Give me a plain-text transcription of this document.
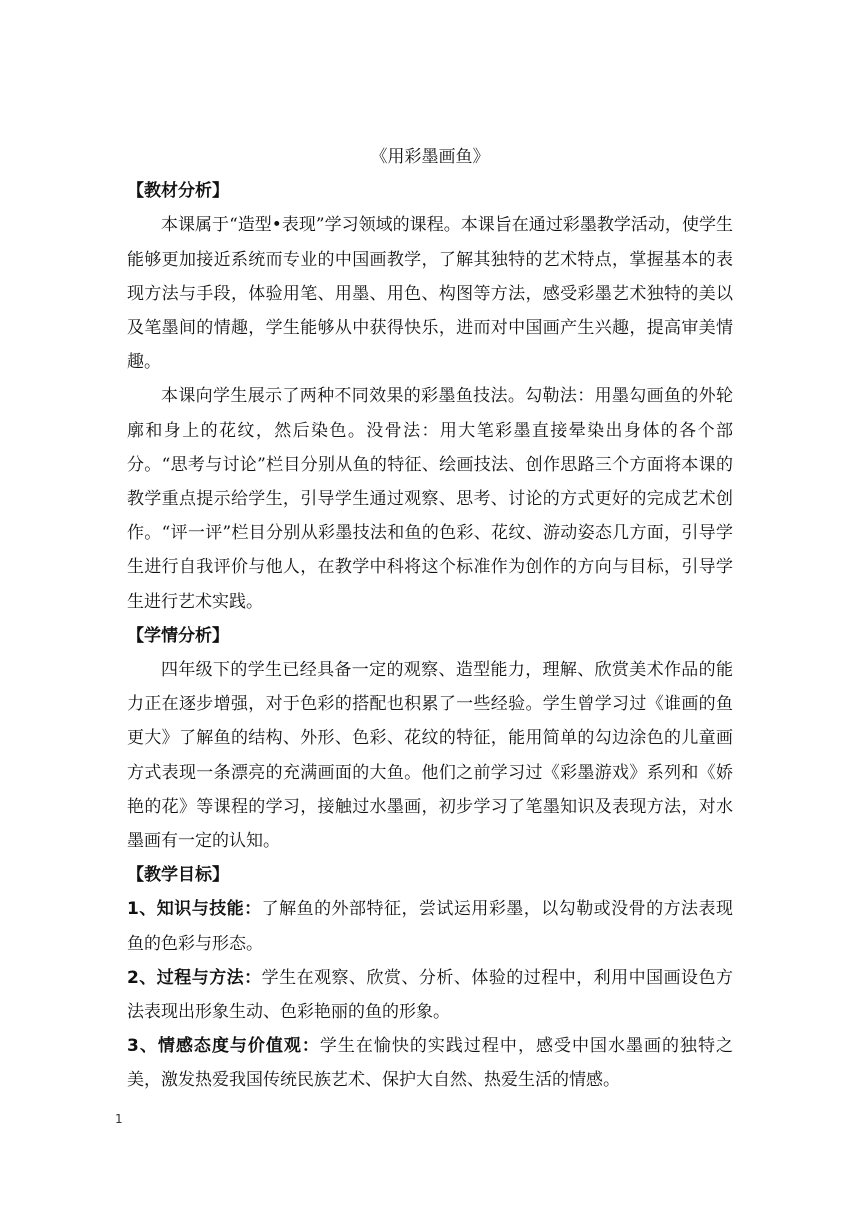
《用彩墨画鱼》

【教材分析】

本课属于“造型•表现”学习领域的课程。本课旨在通过彩墨教学活动，使学生能够更加接近系统而专业的中国画教学，了解其独特的艺术特点，掌握基本的表现方法与手段，体验用笔、用墨、用色、构图等方法，感受彩墨艺术独特的美以及笔墨间的情趣，学生能够从中获得快乐，进而对中国画产生兴趣，提高审美情趣。

本课向学生展示了两种不同效果的彩墨鱼技法。勾勒法：用墨勾画鱼的外轮廓和身上的花纹，然后染色。没骨法：用大笔彩墨直接晕染出身体的各个部分。“思考与讨论”栏目分别从鱼的特征、绘画技法、创作思路三个方面将本课的教学重点提示给学生，引导学生通过观察、思考、讨论的方式更好的完成艺术创作。“评一评”栏目分别从彩墨技法和鱼的色彩、花纹、游动姿态几方面，引导学生进行自我评价与他人，在教学中科将这个标准作为创作的方向与目标，引导学生进行艺术实践。

【学情分析】

四年级下的学生已经具备一定的观察、造型能力，理解、欣赏美术作品的能力正在逐步增强，对于色彩的搭配也积累了一些经验。学生曾学习过《谁画的鱼更大》了解鱼的结构、外形、色彩、花纹的特征，能用简单的勾边涂色的儿童画方式表现一条漂亮的充满画面的大鱼。他们之前学习过《彩墨游戏》系列和《娇艳的花》等课程的学习，接触过水墨画，初步学习了笔墨知识及表现方法，对水墨画有一定的认知。

【教学目标】

1、知识与技能：了解鱼的外部特征，尝试运用彩墨，以勾勒或没骨的方法表现鱼的色彩与形态。

2、过程与方法：学生在观察、欣赏、分析、体验的过程中，利用中国画设色方法表现出形象生动、色彩艳丽的鱼的形象。

3、情感态度与价值观：学生在愉快的实践过程中，感受中国水墨画的独特之美，激发热爱我国传统民族艺术、保护大自然、热爱生活的情感。

1
